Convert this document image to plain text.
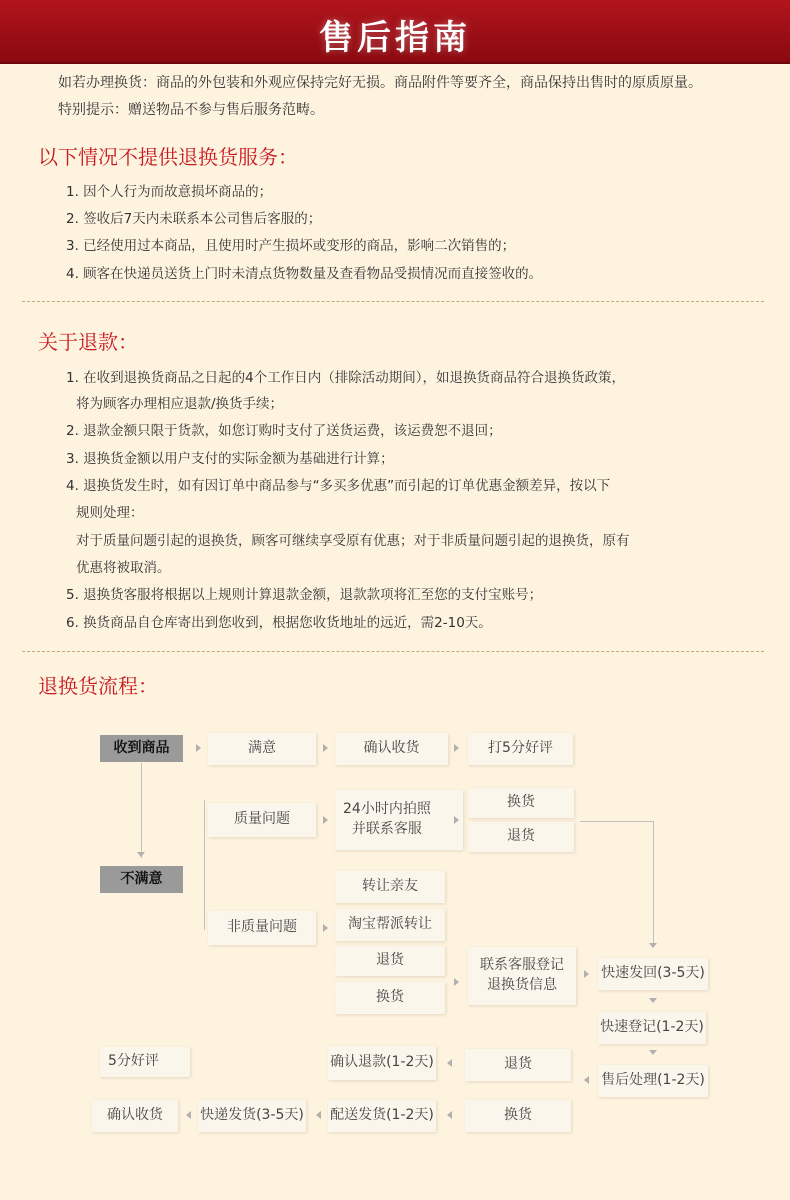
售后指南
如若办理换货：商品的外包装和外观应保持完好无损。商品附件等要齐全，商品保持出售时的原质原量。
特别提示：赠送物品不参与售后服务范畴。
以下情况不提供退换货服务：
1. 因个人行为而故意损坏商品的；
2. 签收后7天内未联系本公司售后客服的；
3. 已经使用过本商品，且使用时产生损坏或变形的商品，影响二次销售的；
4. 顾客在快递员送货上门时未清点货物数量及查看物品受损情况而直接签收的。
关于退款：
1. 在收到退换货商品之日起的4个工作日内（排除活动期间），如退换货商品符合退换货政策，
将为顾客办理相应退款/换货手续；
2. 退款金额只限于货款，如您订购时支付了送货运费，该运费恕不退回；
3. 退换货金额以用户支付的实际金额为基础进行计算；
4. 退换货发生时，如有因订单中商品参与“多买多优惠”而引起的订单优惠金额差异，按以下
规则处理：
对于质量问题引起的退换货，顾客可继续享受原有优惠；对于非质量问题引起的退换货，原有
优惠将被取消。
5. 退换货客服将根据以上规则计算退款金额，退款款项将汇至您的支付宝账号；
6. 换货商品自仓库寄出到您收到，根据您收货地址的远近，需2-10天。
退换货流程：
收到商品	满意	确认收货	打5分好评
质量问题
24小时内拍照
并联系客服
换货
退货
不满意	转让亲友
非质量问题	淘宝帮派转让
退货
换货
联系客服登记
退换货信息
快速发回(3-5天)
快速登记(1-2天)
5分好评	确认退款(1-2天)	退货
售后处理(1-2天)
确认收货	快递发货(3-5天) 配送发货(1-2天)	换货
